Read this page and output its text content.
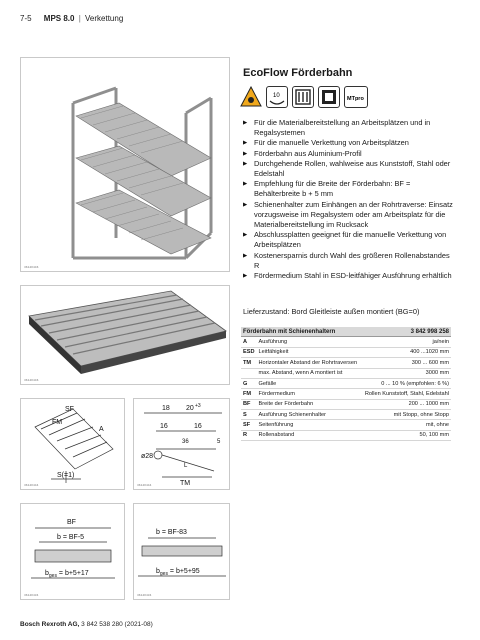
7-5 MPS 8.0 | Verkettung
3614K446
3614K446
SF
FM
A
S(=1)
3614K444
18 20 +3
16	16
36	5
ø28
L
TM
3614K444
BF
b = BF-5
$b_{ges} = b+5+17$
3614K434
b = BF-83
$b_{ges} = b+5+95$
3614K434
EcoFlow Förderbahn
10	MTpro
▶ Für die Materialbereitstellung an Arbeitsplätzen und in Regalsystemen
▶ Für die manuelle Verkettung von Arbeitsplätzen
▶ Förderbahn aus Aluminium-Profil
▶ Durchgehende Rollen, wahlweise aus Kunststoff, Stahl oder Edelstahl
▶ Empfehlung für die Breite der Förderbahn: BF = Behälterbreite b + 5 mm
▶ Schienenhalter zum Einhängen an der Rohrtraverse: Einsatz vorzugsweise im Regalsystem oder am Arbeitsplatz für die Materialbereitstellung im Rucksack
▶ Abschlussplatten geeignet für die manuelle Verkettung von Arbeitsplätzen
▶ Kostenersparnis durch Wahl des größeren Rollenabstandes R
▶ Fördermedium Stahl in ESD-leitfähiger Ausführung erhältlich
Lieferzustand: Bord Gleitleiste außen montiert (BG=0)
Förderbahn mit Schienenhaltern		3 842 998 258
A	Ausführung	ja/nein
ESD	Leitfähigkeit	400 ...1020 mm
TM	Horizontaler Abstand der Rohrtraversen	300 ... 600 mm
	max. Abstand, wenn A montiert ist	3000 mm
G	Gefälle	0 ... 10 % (empfohlen: 6 %)
FM	Fördermedium	Rollen Kunststoff, Stahl, Edelstahl
BF	Breite der Förderbahn	200 ... 1000 mm
S	Ausführung Schienenhalter	mit Stopp, ohne Stopp
SF	Seitenführung	mit, ohne
R	Rollenabstand	50, 100 mm
Bosch Rexroth AG, 3 842 538 280 (2021-08)
